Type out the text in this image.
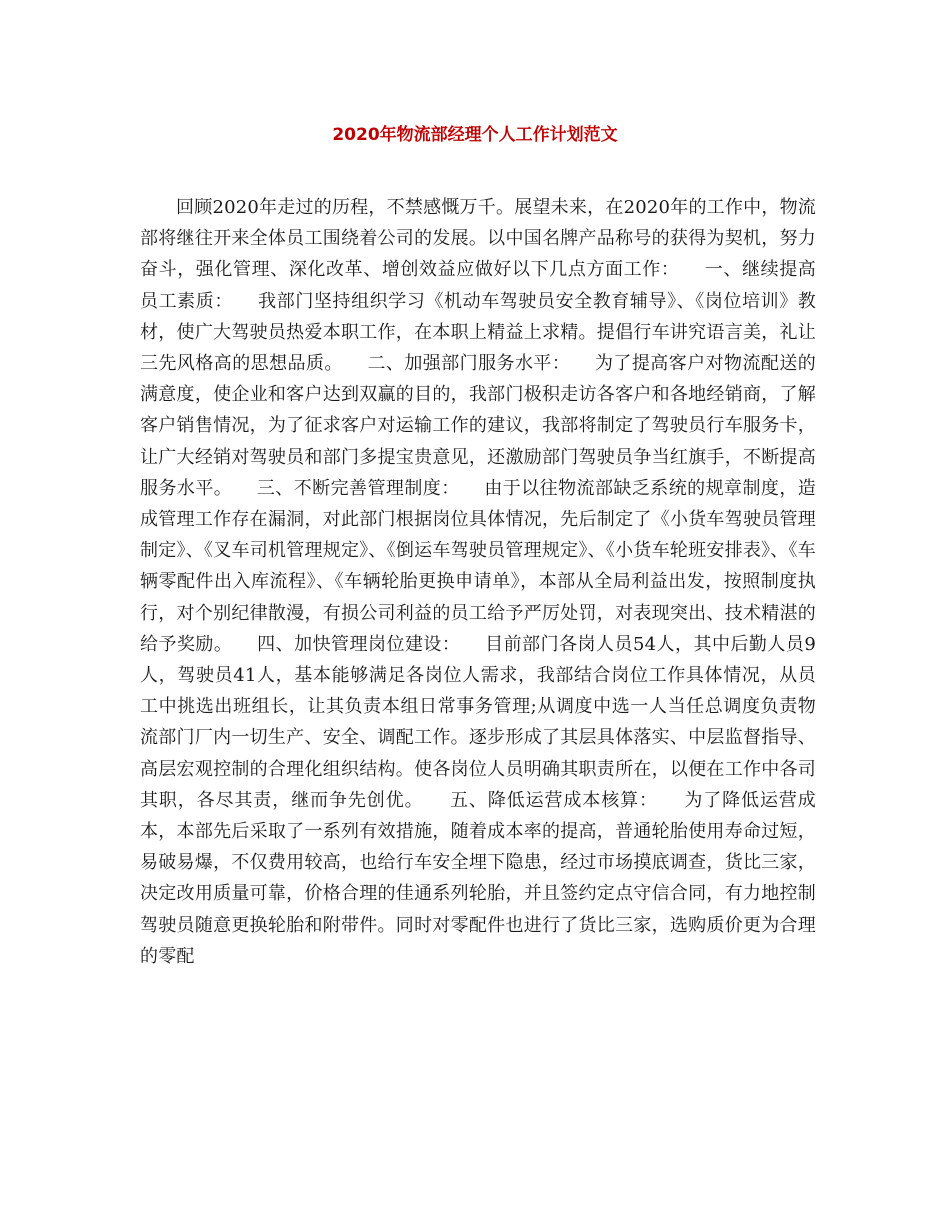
2020年物流部经理个人工作计划范文

回顾2020年走过的历程，不禁感慨万千。展望未来，在2020年的工作中，物流部将继往开来全体员工围绕着公司的发展。以中国名牌产品称号的获得为契机，努力奋斗，强化管理、深化改革、增创效益应做好以下几点方面工作：    一、继续提高员工素质：    我部门坚持组织学习《机动车驾驶员安全教育辅导》、《岗位培训》教材，使广大驾驶员热爱本职工作，在本职上精益上求精。提倡行车讲究语言美，礼让三先风格高的思想品质。    二、加强部门服务水平：    为了提高客户对物流配送的满意度，使企业和客户达到双赢的目的，我部门极积走访各客户和各地经销商，了解客户销售情况，为了征求客户对运输工作的建议，我部将制定了驾驶员行车服务卡，让广大经销对驾驶员和部门多提宝贵意见，还激励部门驾驶员争当红旗手，不断提高服务水平。    三、不断完善管理制度：    由于以往物流部缺乏系统的规章制度，造成管理工作存在漏洞，对此部门根据岗位具体情况，先后制定了《小货车驾驶员管理制定》、《叉车司机管理规定》、《倒运车驾驶员管理规定》、《小货车轮班安排表》、《车辆零配件出入库流程》、《车辆轮胎更换申请单》，本部从全局利益出发，按照制度执行，对个别纪律散漫，有损公司利益的员工给予严厉处罚，对表现突出、技术精湛的给予奖励。    四、加快管理岗位建设：    目前部门各岗人员54人，其中后勤人员9人，驾驶员41人，基本能够满足各岗位人需求，我部结合岗位工作具体情况，从员工中挑选出班组长，让其负责本组日常事务管理;从调度中选一人当任总调度负责物流部门厂内一切生产、安全、调配工作。逐步形成了其层具体落实、中层监督指导、高层宏观控制的合理化组织结构。使各岗位人员明确其职责所在，以便在工作中各司其职，各尽其责，继而争先创优。    五、降低运营成本核算：    为了降低运营成本，本部先后采取了一系列有效措施，随着成本率的提高，普通轮胎使用寿命过短，易破易爆，不仅费用较高，也给行车安全埋下隐患，经过市场摸底调查，货比三家，决定改用质量可靠，价格合理的佳通系列轮胎，并且签约定点守信合同，有力地控制驾驶员随意更换轮胎和附带件。同时对零配件也进行了货比三家，选购质价更为合理的零配
